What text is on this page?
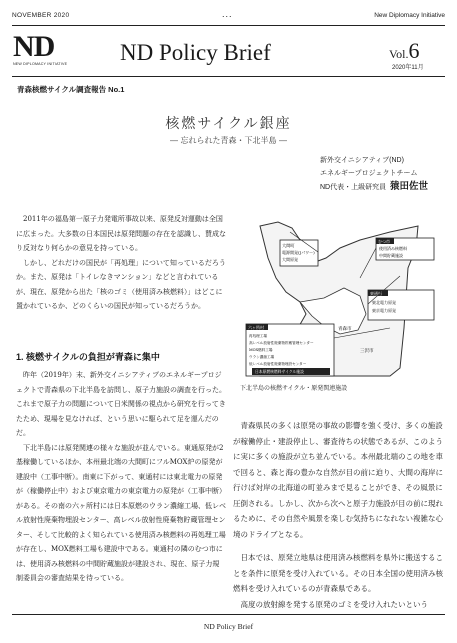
NOVEMBER 2020	...	New Diplomacy Initiative
ND
NEW DIPLOMACY INITIATIVE	ND Policy Brief	Vol.6
2020年11月
青森核燃サイクル調査報告 No.1
核燃サイクル銀座
― 忘れられた青森・下北半島 ―
新外交イニシアティブ(ND)
エネルギープロジェクトチーム
ND代表・上級研究員 猿田佐世

2011年の福島第一原子力発電所事故以来、原発反対運動は全国に広まった。大多数の日本国民は原発問題の存在を認識し、賛成なり反対なり何らかの意見を持っている。

しかし、どれだけの国民が「再処理」について知っているだろうか。また、原発は「トイレなきマンション」などと言われているが、現在、原発から出た「核のゴミ（使用済み核燃料）」はどこに置かれているか、どのくらいの国民が知っているだろうか。

1. 核燃サイクルの負担が青森に集中

昨年（2019年）末、新外交イニシアティブのエネルギープロジェクトで青森県の下北半島を訪問し、原子力施設の調査を行った。これまで原子力の問題について日米関係の視点から研究を行ってきたため、現場を見なければ、という思いに駆られて足を運んだのだ。

下北半島には原発関連の様々な施設が並んでいる。東通原発が2基稼働しているほか、本州最北端の大間町にフルMOX炉の原発が建設中（工事中断）。南東に下がって、東通村には東北電力の原発が（稼働停止中）および東京電力の東京電力の原発が（工事中断）がある。その南の六ヶ所村には日本原燃のウラン濃縮工場、低レベル放射性廃棄物埋設センター、高レベル放射性廃棄物貯蔵管理センター、そして比較的よく知られている使用済み核燃料の再処理工場が存在し、MOX燃料工場も建設中である。東通村の隣のむつ市には、使用済み核燃料の中間貯蔵施設が建設され、現在、原子力規制委員会の審査結果を待っている。

大間町
電源開発(Jパワー)
大間原発
むつ市
使用済み核燃料
中間貯蔵施設
東通村
東北電力原発
東京電力原発
六ヶ所村
再処理工場
高レベル放射性廃棄物貯蔵管理センター
MOX燃料工場
ウラン濃縮工場
低レベル放射性廃棄物埋設センター
日本原燃核燃料サイクル施設
青森市
三沢市
下北半島の核燃サイクル・原発関連施設

青森県民の多くは原発の事故の影響を強く受け、多くの施設が稼働停止・建設停止し、審査待ちの状態であるが、このように実に多くの施設が立ち並んでいる。本州最北端のこの地を車で回ると、森と海の豊かな自然が目の前に迫り、大間の海岸に行けば対岸の北海道の町並みまで見ることができ、その風景に圧倒される。しかし、次から次へと原子力施設が目の前に現れるために、その自然や風景を楽しむ気持ちになれない複雑な心境のドライブとなる。

日本では、原発立地県は使用済み核燃料を県外に搬送することを条件に原発を受け入れている。その日本全国の使用済み核燃料を受け入れているのが青森県である。

高度の放射線を発する原発のゴミを受け入れたいという

ND Policy Brief
